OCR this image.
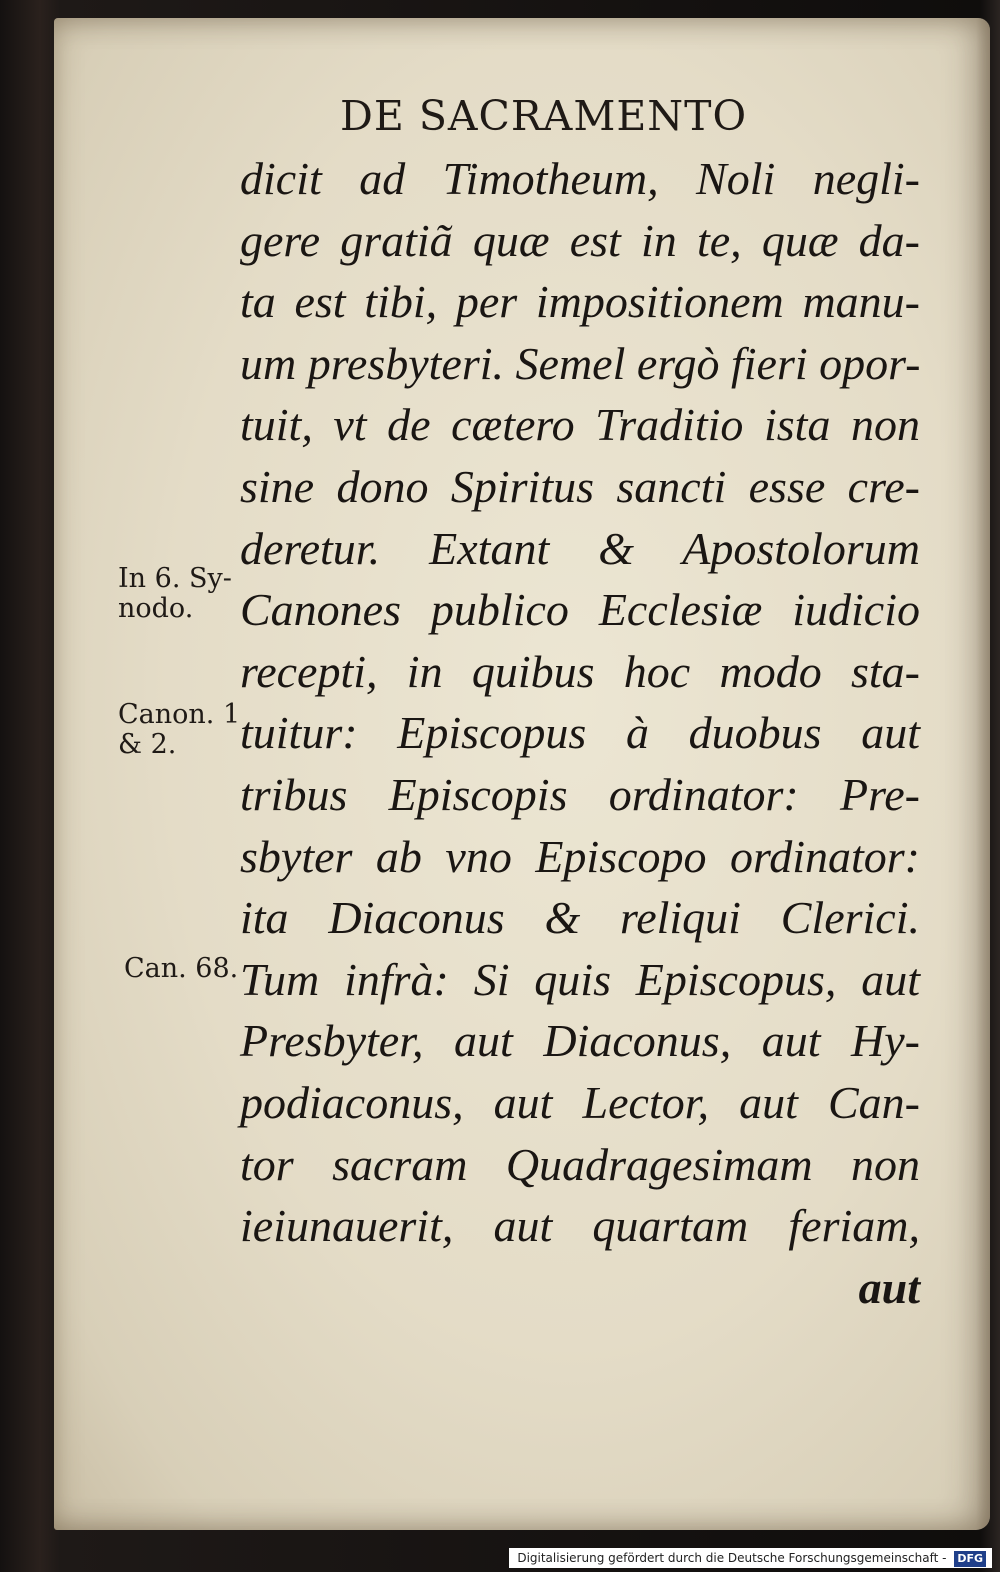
DE SACRAMENTO
dicit ad Timotheum, Noli negli-
gere gratiã quæ est in te, quæ da-
ta est tibi, per impositionem manu-
um presbyteri. Semel ergò fieri opor-
tuit, vt de cætero Traditio ista non
sine dono Spiritus sancti esse cre-
deretur. Extant & Apostolorum
Canones publico Ecclesiæ iudicio
recepti, in quibus hoc modo sta-
tuitur: Episcopus à duobus aut
tribus Episcopis ordinator: Pre-
sbyter ab vno Episcopo ordinator:
ita Diaconus & reliqui Clerici.
Tum infrà: Si quis Episcopus, aut
Presbyter, aut Diaconus, aut Hy-
podiaconus, aut Lector, aut Can-
tor sacram Quadragesimam non
ieiunauerit, aut quartam feriam,
aut
In 6. Sy-
nodo.
Canon. 1
& 2.
Can. 68.
Digitalisierung gefördert durch die Deutsche Forschungsgemeinschaft - DFG
